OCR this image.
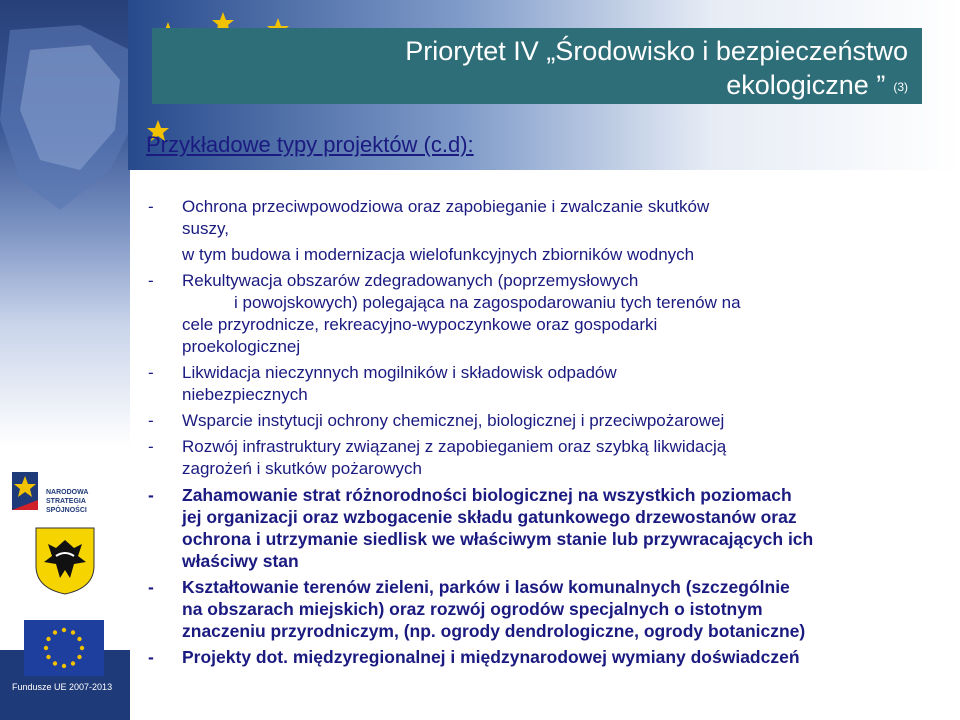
Priorytet IV „Środowisko i bezpieczeństwo
ekologiczne ” (3)
Przykładowe typy projektów (c.d):
- Ochrona przeciwpowodziowa oraz zapobieganie i zwalczanie skutków
suszy,
w tym budowa i modernizacja wielofunkcyjnych zbiorników wodnych
- Rekultywacja obszarów zdegradowanych (poprzemysłowych
i powojskowych) polegająca na zagospodarowaniu tych terenów na
cele przyrodnicze, rekreacyjno-wypoczynkowe oraz gospodarki
proekologicznej
- Likwidacja nieczynnych mogilników i składowisk odpadów
niebezpiecznych
- Wsparcie instytucji ochrony chemicznej, biologicznej i przeciwpożarowej
- Rozwój infrastruktury związanej z zapobieganiem oraz szybką likwidacją
zagrożeń i skutków pożarowych
- Zahamowanie strat różnorodności biologicznej na wszystkich poziomach
jej organizacji oraz wzbogacenie składu gatunkowego drzewostanów oraz
ochrona i utrzymanie siedlisk we właściwym stanie lub przywracających ich
właściwy stan
- Kształtowanie terenów zieleni, parków i lasów komunalnych (szczególnie
na obszarach miejskich) oraz rozwój ogrodów specjalnych o istotnym
znaczeniu przyrodniczym, (np. ogrody dendrologiczne, ogrody botaniczne)
- Projekty dot. międzyregionalnej i międzynarodowej wymiany doświadczeń
NARODOWA
STRATEGIA SPÓJNOŚCI
Fundusze UE 2007-2013
